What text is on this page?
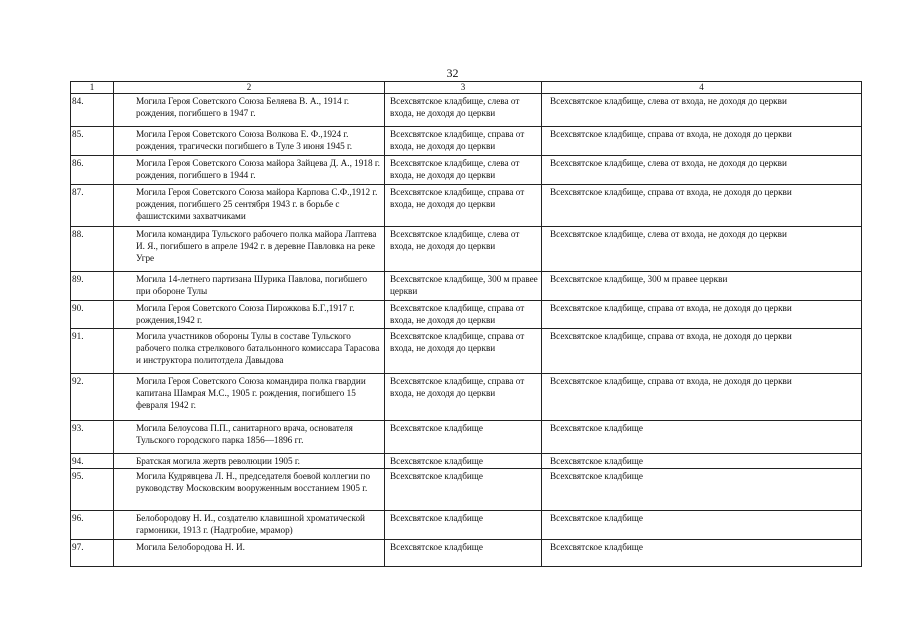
32
1	2	3	4
84.	Могила Героя Советского Союза Беляева В. А., 1914 г. рождения, погибшего в 1947 г.	Всехсвятское кладбище, слева от входа, не доходя до церкви	Всехсвятское кладбище, слева от входа, не доходя до церкви
85.	Могила Героя Советского Союза Волкова Е. Ф.,1924 г. рождения, трагически погибшего в Туле 3 июня 1945 г.	Всехсвятское кладбище, справа от входа, не доходя до церкви	Всехсвятское кладбище, справа от входа, не доходя до церкви
86.	Могила Героя Советского Союза майора Зайцева Д. А., 1918 г. рождения, погибшего в 1944 г.	Всехсвятское кладбище, слева от входа, не доходя до церкви	Всехсвятское кладбище, слева от входа, не доходя до церкви
87.	Могила Героя Советского Союза майора Карпова С.Ф.,1912 г. рождения, погибшего 25 сентября 1943 г. в борьбе с фашистскими захватчиками	Всехсвятское кладбище, справа от входа, не доходя до церкви	Всехсвятское кладбище, справа от входа, не доходя до церкви
88.	Могила командира Тульского рабочего полка майора Лаптева И. Я., погибшего в апреле 1942 г. в деревне Павловка на реке Угре	Всехсвятское кладбище, слева от входа, не доходя до церкви	Всехсвятское кладбище, слева от входа, не доходя до церкви
89.	Могила 14-летнего партизана Шурика Павлова, погибшего при обороне Тулы	Всехсвятское кладбище, 300 м правее церкви	Всехсвятское кладбище, 300 м правее церкви
90.	Могила Героя Советского Союза Пирожкова Б.Г.,1917 г. рождения,1942 г.	Всехсвятское кладбище, справа от входа, не доходя до церкви	Всехсвятское кладбище, справа от входа, не доходя до церкви
91.	Могила участников обороны Тулы в составе Тульского рабочего полка стрелкового батальонного комиссара Тарасова и инструктора политотдела Давыдова	Всехсвятское кладбище, справа от входа, не доходя до церкви	Всехсвятское кладбище, справа от входа, не доходя до церкви
92.	Могила Героя Советского Союза командира полка гвардии капитана Шамрая М.С., 1905 г. рождения, погибшего 15 февраля 1942 г.	Всехсвятское кладбище, справа от входа, не доходя до церкви	Всехсвятское кладбище, справа от входа, не доходя до церкви
93.	Могила Белоусова П.П., санитарного врача, основателя Тульского городского парка 1856—1896 гг.	Всехсвятское кладбище	Всехсвятское кладбище
94.	Братская могила жертв революции 1905 г.	Всехсвятское кладбище	Всехсвятское кладбище
95.	Могила Кудрявцева Л. Н., председателя боевой коллегии по руководству Московским вооруженным восстанием 1905 г.	Всехсвятское кладбище	Всехсвятское кладбище
96.	Белобородову Н. И., создателю клавишной хроматической гармоники, 1913 г. (Надгробие, мрамор)	Всехсвятское кладбище	Всехсвятское кладбище
97.	Могила Белобородова Н. И.	Всехсвятское кладбище	Всехсвятское кладбище
